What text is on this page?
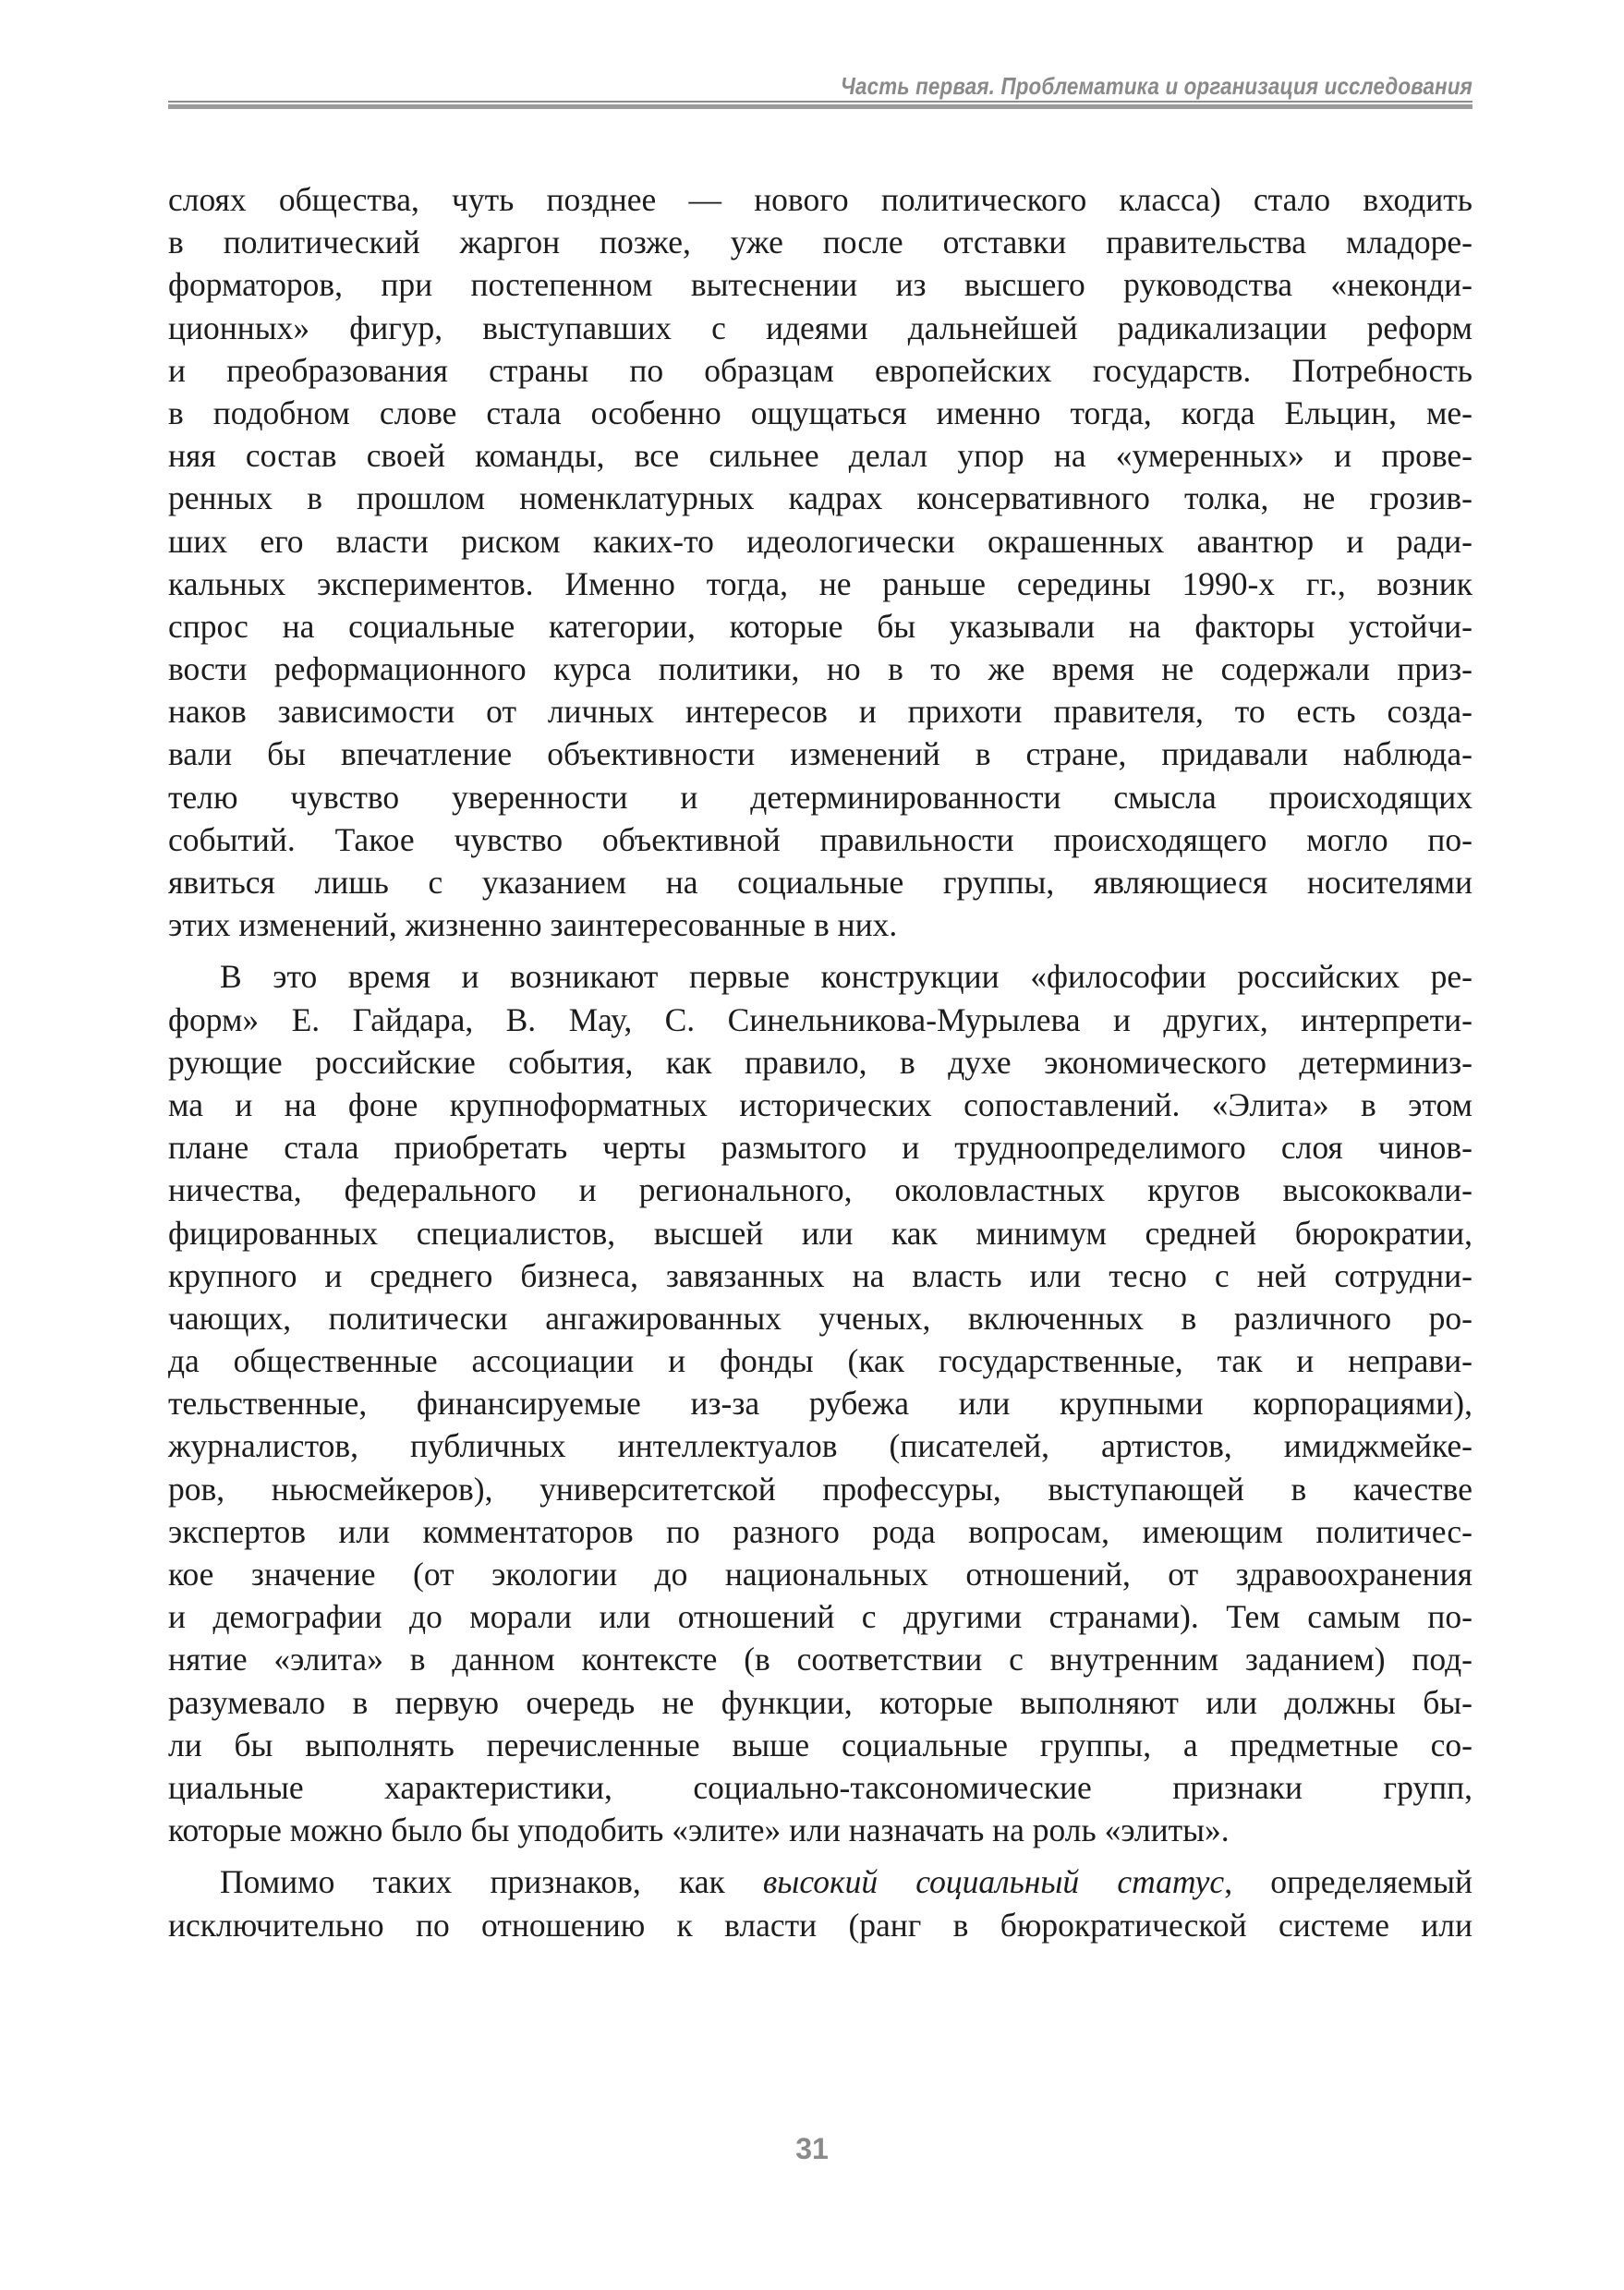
Часть первая. Проблематика и организация исследования
слоях общества, чуть позднее — нового политического класса) стало входить
в политический жаргон позже, уже после отставки правительства младоре-
форматоров, при постепенном вытеснении из высшего руководства «неконди-
ционных» фигур, выступавших с идеями дальнейшей радикализации реформ
и преобразования страны по образцам европейских государств. Потребность
в подобном слове стала особенно ощущаться именно тогда, когда Ельцин, ме-
няя состав своей команды, все сильнее делал упор на «умеренных» и прове-
ренных в прошлом номенклатурных кадрах консервативного толка, не грозив-
ших его власти риском каких-то идеологически окрашенных авантюр и ради-
кальных экспериментов. Именно тогда, не раньше середины 1990-х гг., возник
спрос на социальные категории, которые бы указывали на факторы устойчи-
вости реформационного курса политики, но в то же время не содержали приз-
наков зависимости от личных интересов и прихоти правителя, то есть созда-
вали бы впечатление объективности изменений в стране, придавали наблюда-
телю чувство уверенности и детерминированности смысла происходящих
событий. Такое чувство объективной правильности происходящего могло по-
явиться лишь с указанием на социальные группы, являющиеся носителями
этих изменений, жизненно заинтересованные в них.
В это время и возникают первые конструкции «философии российских ре-
форм» Е. Гайдара, В. Мау, С. Синельникова-Мурылева и других, интерпрети-
рующие российские события, как правило, в духе экономического детерминиз-
ма и на фоне крупноформатных исторических сопоставлений. «Элита» в этом
плане стала приобретать черты размытого и трудноопределимого слоя чинов-
ничества, федерального и регионального, околовластных кругов высококвали-
фицированных специалистов, высшей или как минимум средней бюрократии,
крупного и среднего бизнеса, завязанных на власть или тесно с ней сотрудни-
чающих, политически ангажированных ученых, включенных в различного ро-
да общественные ассоциации и фонды (как государственные, так и неправи-
тельственные, финансируемые из-за рубежа или крупными корпорациями),
журналистов, публичных интеллектуалов (писателей, артистов, имиджмейке-
ров, ньюсмейкеров), университетской профессуры, выступающей в качестве
экспертов или комментаторов по разного рода вопросам, имеющим политичес-
кое значение (от экологии до национальных отношений, от здравоохранения
и демографии до морали или отношений с другими странами). Тем самым по-
нятие «элита» в данном контексте (в соответствии с внутренним заданием) под-
разумевало в первую очередь не функции, которые выполняют или должны бы-
ли бы выполнять перечисленные выше социальные группы, а предметные со-
циальные характеристики, социально-таксономические признаки групп,
которые можно было бы уподобить «элите» или назначать на роль «элиты».
Помимо таких признаков, как высокий социальный статус, определяемый
исключительно по отношению к власти (ранг в бюрократической системе или
31
